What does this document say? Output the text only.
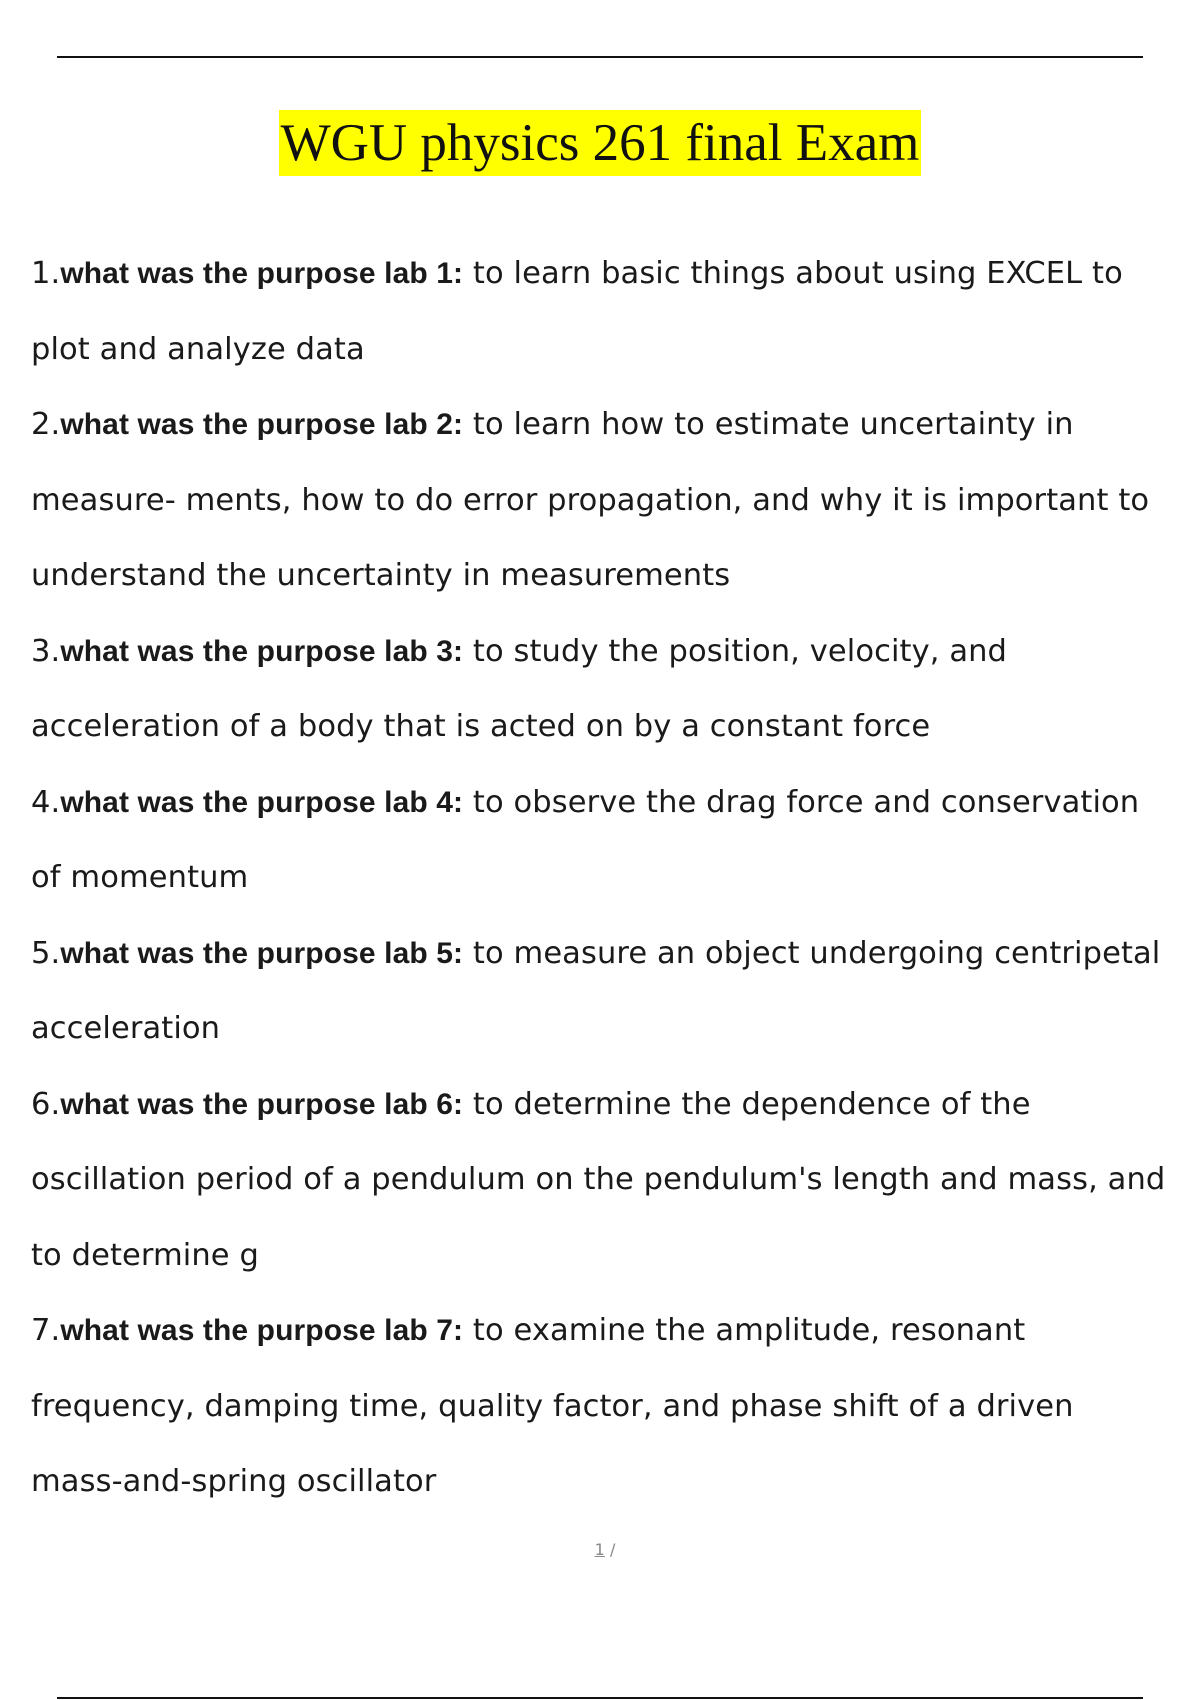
WGU physics 261 final Exam
1.what was the purpose lab 1: to learn basic things about using EXCEL to plot and analyze data
2.what was the purpose lab 2: to learn how to estimate uncertainty in measure- ments, how to do error propagation, and why it is important to understand the uncertainty in measurements
3.what was the purpose lab 3: to study the position, velocity, and acceleration of a body that is acted on by a constant force
4.what was the purpose lab 4: to observe the drag force and conservation of momentum
5.what was the purpose lab 5: to measure an object undergoing centripetal acceleration
6.what was the purpose lab 6: to determine the dependence of the oscillation period of a pendulum on the pendulum's length and mass, and to determine g
7.what was the purpose lab 7: to examine the amplitude, resonant frequency, damping time, quality factor, and phase shift of a driven mass-and-spring oscillator
1 /
